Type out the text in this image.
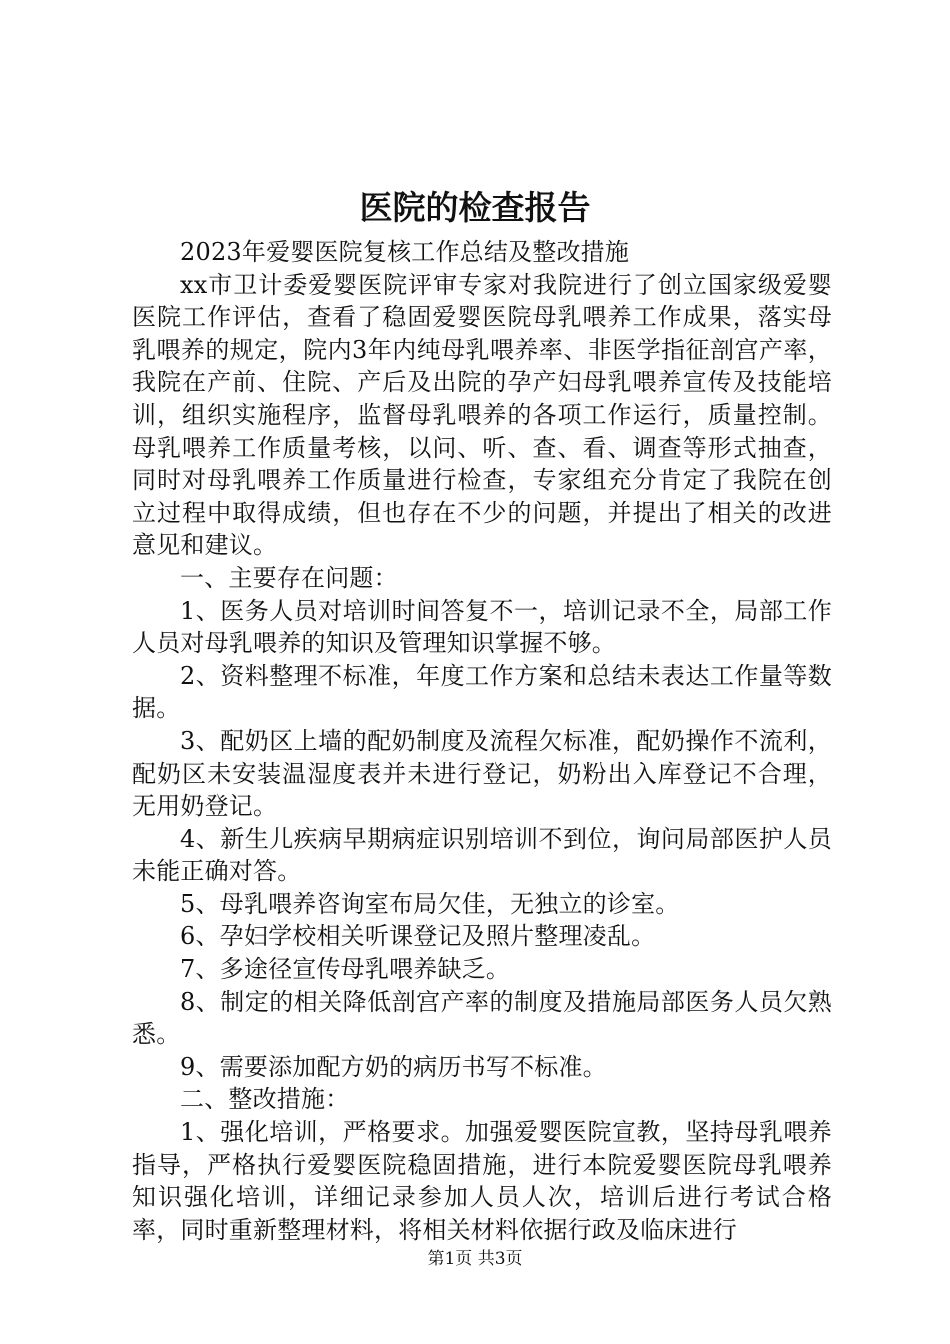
医院的检查报告

2023年爱婴医院复核工作总结及整改措施

xx市卫计委爱婴医院评审专家对我院进行了创立国家级爱婴医院工作评估，查看了稳固爱婴医院母乳喂养工作成果，落实母乳喂养的规定，院内3年内纯母乳喂养率、非医学指征剖宫产率，我院在产前、住院、产后及出院的孕产妇母乳喂养宣传及技能培训，组织实施程序，监督母乳喂养的各项工作运行，质量控制。母乳喂养工作质量考核，以问、听、查、看、调查等形式抽查，同时对母乳喂养工作质量进行检查，专家组充分肯定了我院在创立过程中取得成绩，但也存在不少的问题，并提出了相关的改进意见和建议。

一、主要存在问题：

1、医务人员对培训时间答复不一，培训记录不全，局部工作人员对母乳喂养的知识及管理知识掌握不够。

2、资料整理不标准，年度工作方案和总结未表达工作量等数据。

3、配奶区上墙的配奶制度及流程欠标准，配奶操作不流利，配奶区未安装温湿度表并未进行登记，奶粉出入库登记不合理，无用奶登记。

4、新生儿疾病早期病症识别培训不到位，询问局部医护人员未能正确对答。

5、母乳喂养咨询室布局欠佳，无独立的诊室。

6、孕妇学校相关听课登记及照片整理凌乱。

7、多途径宣传母乳喂养缺乏。

8、制定的相关降低剖宫产率的制度及措施局部医务人员欠熟悉。

9、需要添加配方奶的病历书写不标准。

二、整改措施：

1、强化培训，严格要求。加强爱婴医院宣教，坚持母乳喂养指导，严格执行爱婴医院稳固措施，进行本院爱婴医院母乳喂养知识强化培训，详细记录参加人员人次，培训后进行考试合格率，同时重新整理材料，将相关材料依据行政及临床进行

第1页 共3页
